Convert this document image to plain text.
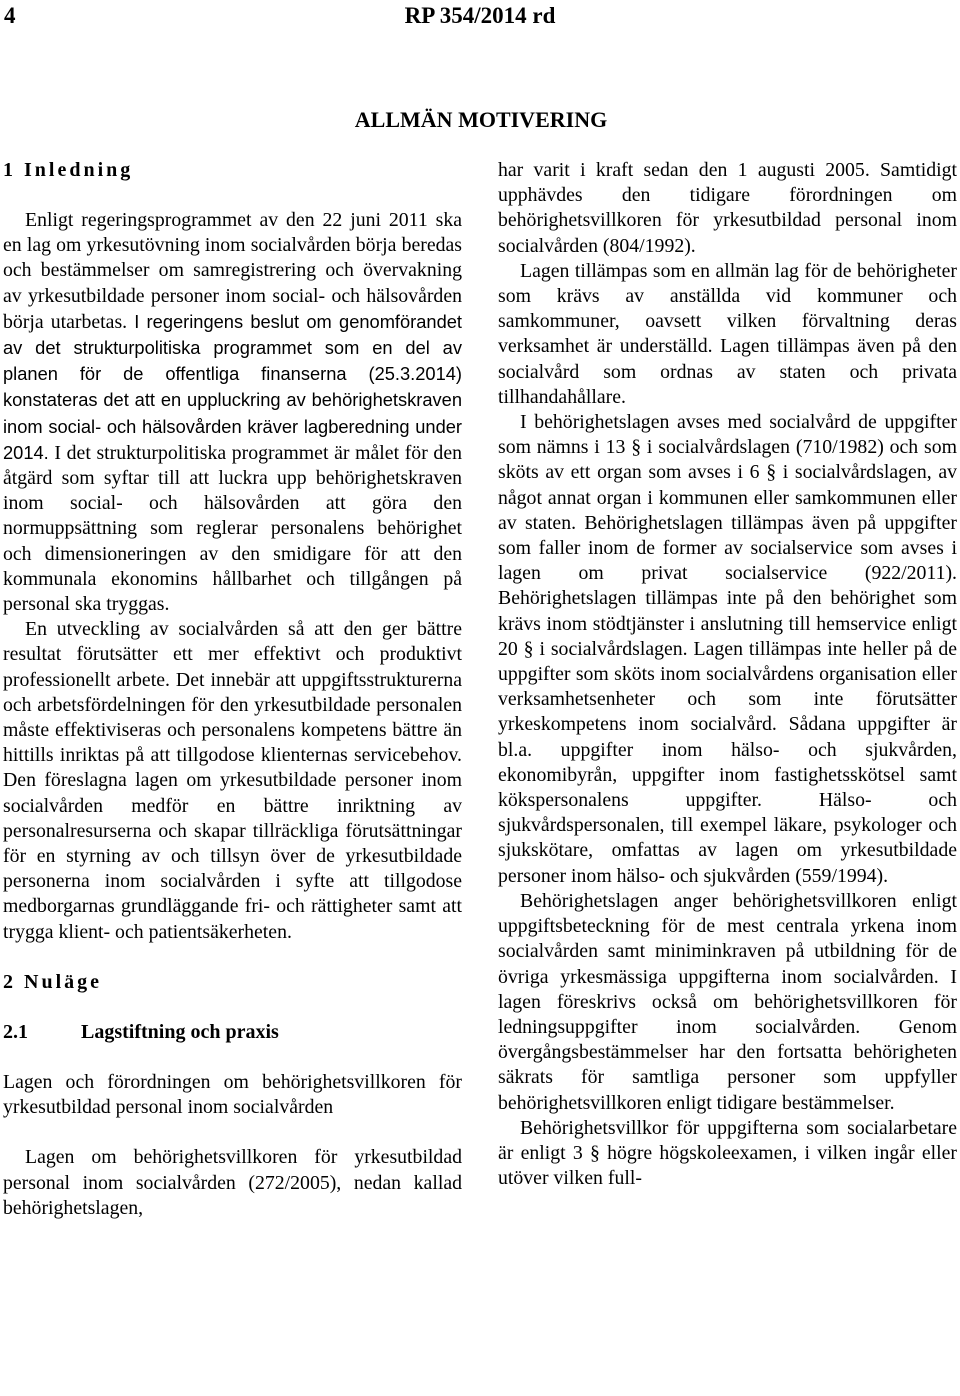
4	RP 354/2014 rd
ALLMÄN MOTIVERING
1 Inledning

Enligt regeringsprogrammet av den 22 juni 2011 ska en lag om yrkesutövning inom socialvården börja beredas och bestämmelser om samregistrering och övervakning av yrkesutbildade personer inom social- och hälsovården börja utarbetas. I regeringens beslut om genomförandet av det strukturpolitiska programmet som en del av planen för de offentliga finanserna (25.3.2014) konstateras det att en uppluckring av behörighetskraven inom social- och hälsovården kräver lagberedning under 2014. I det strukturpolitiska programmet är målet för den åtgärd som syftar till att luckra upp behörighetskraven inom social- och hälsovården att göra den normuppsättning som reglerar personalens behörighet och dimensioneringen av den smidigare för att den kommunala ekonomins hållbarhet och tillgången på personal ska tryggas.

En utveckling av socialvården så att den ger bättre resultat förutsätter ett mer effektivt och produktivt professionellt arbete. Det innebär att uppgiftsstrukturerna och arbetsfördelningen för den yrkesutbildade personalen måste effektiviseras och personalens kompetens bättre än hittills inriktas på att tillgodose klienternas servicebehov. Den föreslagna lagen om yrkesutbildade personer inom socialvården medför en bättre inriktning av personalresurserna och skapar tillräckliga förutsättningar för en styrning av och tillsyn över de yrkesutbildade personerna inom socialvården i syfte att tillgodose medborgarnas grundläggande fri- och rättigheter samt att trygga klient- och patientsäkerheten.

2 Nuläge
2.1	Lagstiftning och praxis

Lagen och förordningen om behörighetsvillkoren för yrkesutbildad personal inom socialvården

Lagen om behörighetsvillkoren för yrkesutbildad personal inom socialvården (272/2005), nedan kallad behörighetslagen,

har varit i kraft sedan den 1 augusti 2005. Samtidigt upphävdes den tidigare förordningen om behörighetsvillkoren för yrkesutbildad personal inom socialvården (804/1992).

Lagen tillämpas som en allmän lag för de behörigheter som krävs av anställda vid kommuner och samkommuner, oavsett vilken förvaltning deras verksamhet är underställd. Lagen tillämpas även på den socialvård som ordnas av staten och privata tillhandahållare.

I behörighetslagen avses med socialvård de uppgifter som nämns i 13 § i socialvårdslagen (710/1982) och som sköts av ett organ som avses i 6 § i socialvårdslagen, av något annat organ i kommunen eller samkommunen eller av staten. Behörighetslagen tillämpas även på uppgifter som faller inom de former av socialservice som avses i lagen om privat socialservice (922/2011). Behörighetslagen tillämpas inte på den behörighet som krävs inom stödtjänster i anslutning till hemservice enligt 20 § i socialvårdslagen. Lagen tillämpas inte heller på de uppgifter som sköts inom socialvårdens organisation eller verksamhetsenheter och som inte förutsätter yrkeskompetens inom socialvård. Sådana uppgifter är bl.a. uppgifter inom hälso- och sjukvården, ekonomibyrån, uppgifter inom fastighetsskötsel samt kökspersonalens uppgifter. Hälso- och sjukvårdspersonalen, till exempel läkare, psykologer och sjukskötare, omfattas av lagen om yrkesutbildade personer inom hälso- och sjukvården (559/1994).

Behörighetslagen anger behörighetsvillkoren enligt uppgiftsbeteckning för de mest centrala yrkena inom socialvården samt miniminkraven på utbildning för de övriga yrkesmässiga uppgifterna inom socialvården. I lagen föreskrivs också om behörighetsvillkoren för ledningsuppgifter inom socialvården. Genom övergångsbestämmelser har den fortsatta behörigheten säkrats för samtliga personer som uppfyller behörighetsvillkoren enligt tidigare bestämmelser.

Behörighetsvillkor för uppgifterna som socialarbetare är enligt 3 § högre högskoleexamen, i vilken ingår eller utöver vilken full-
